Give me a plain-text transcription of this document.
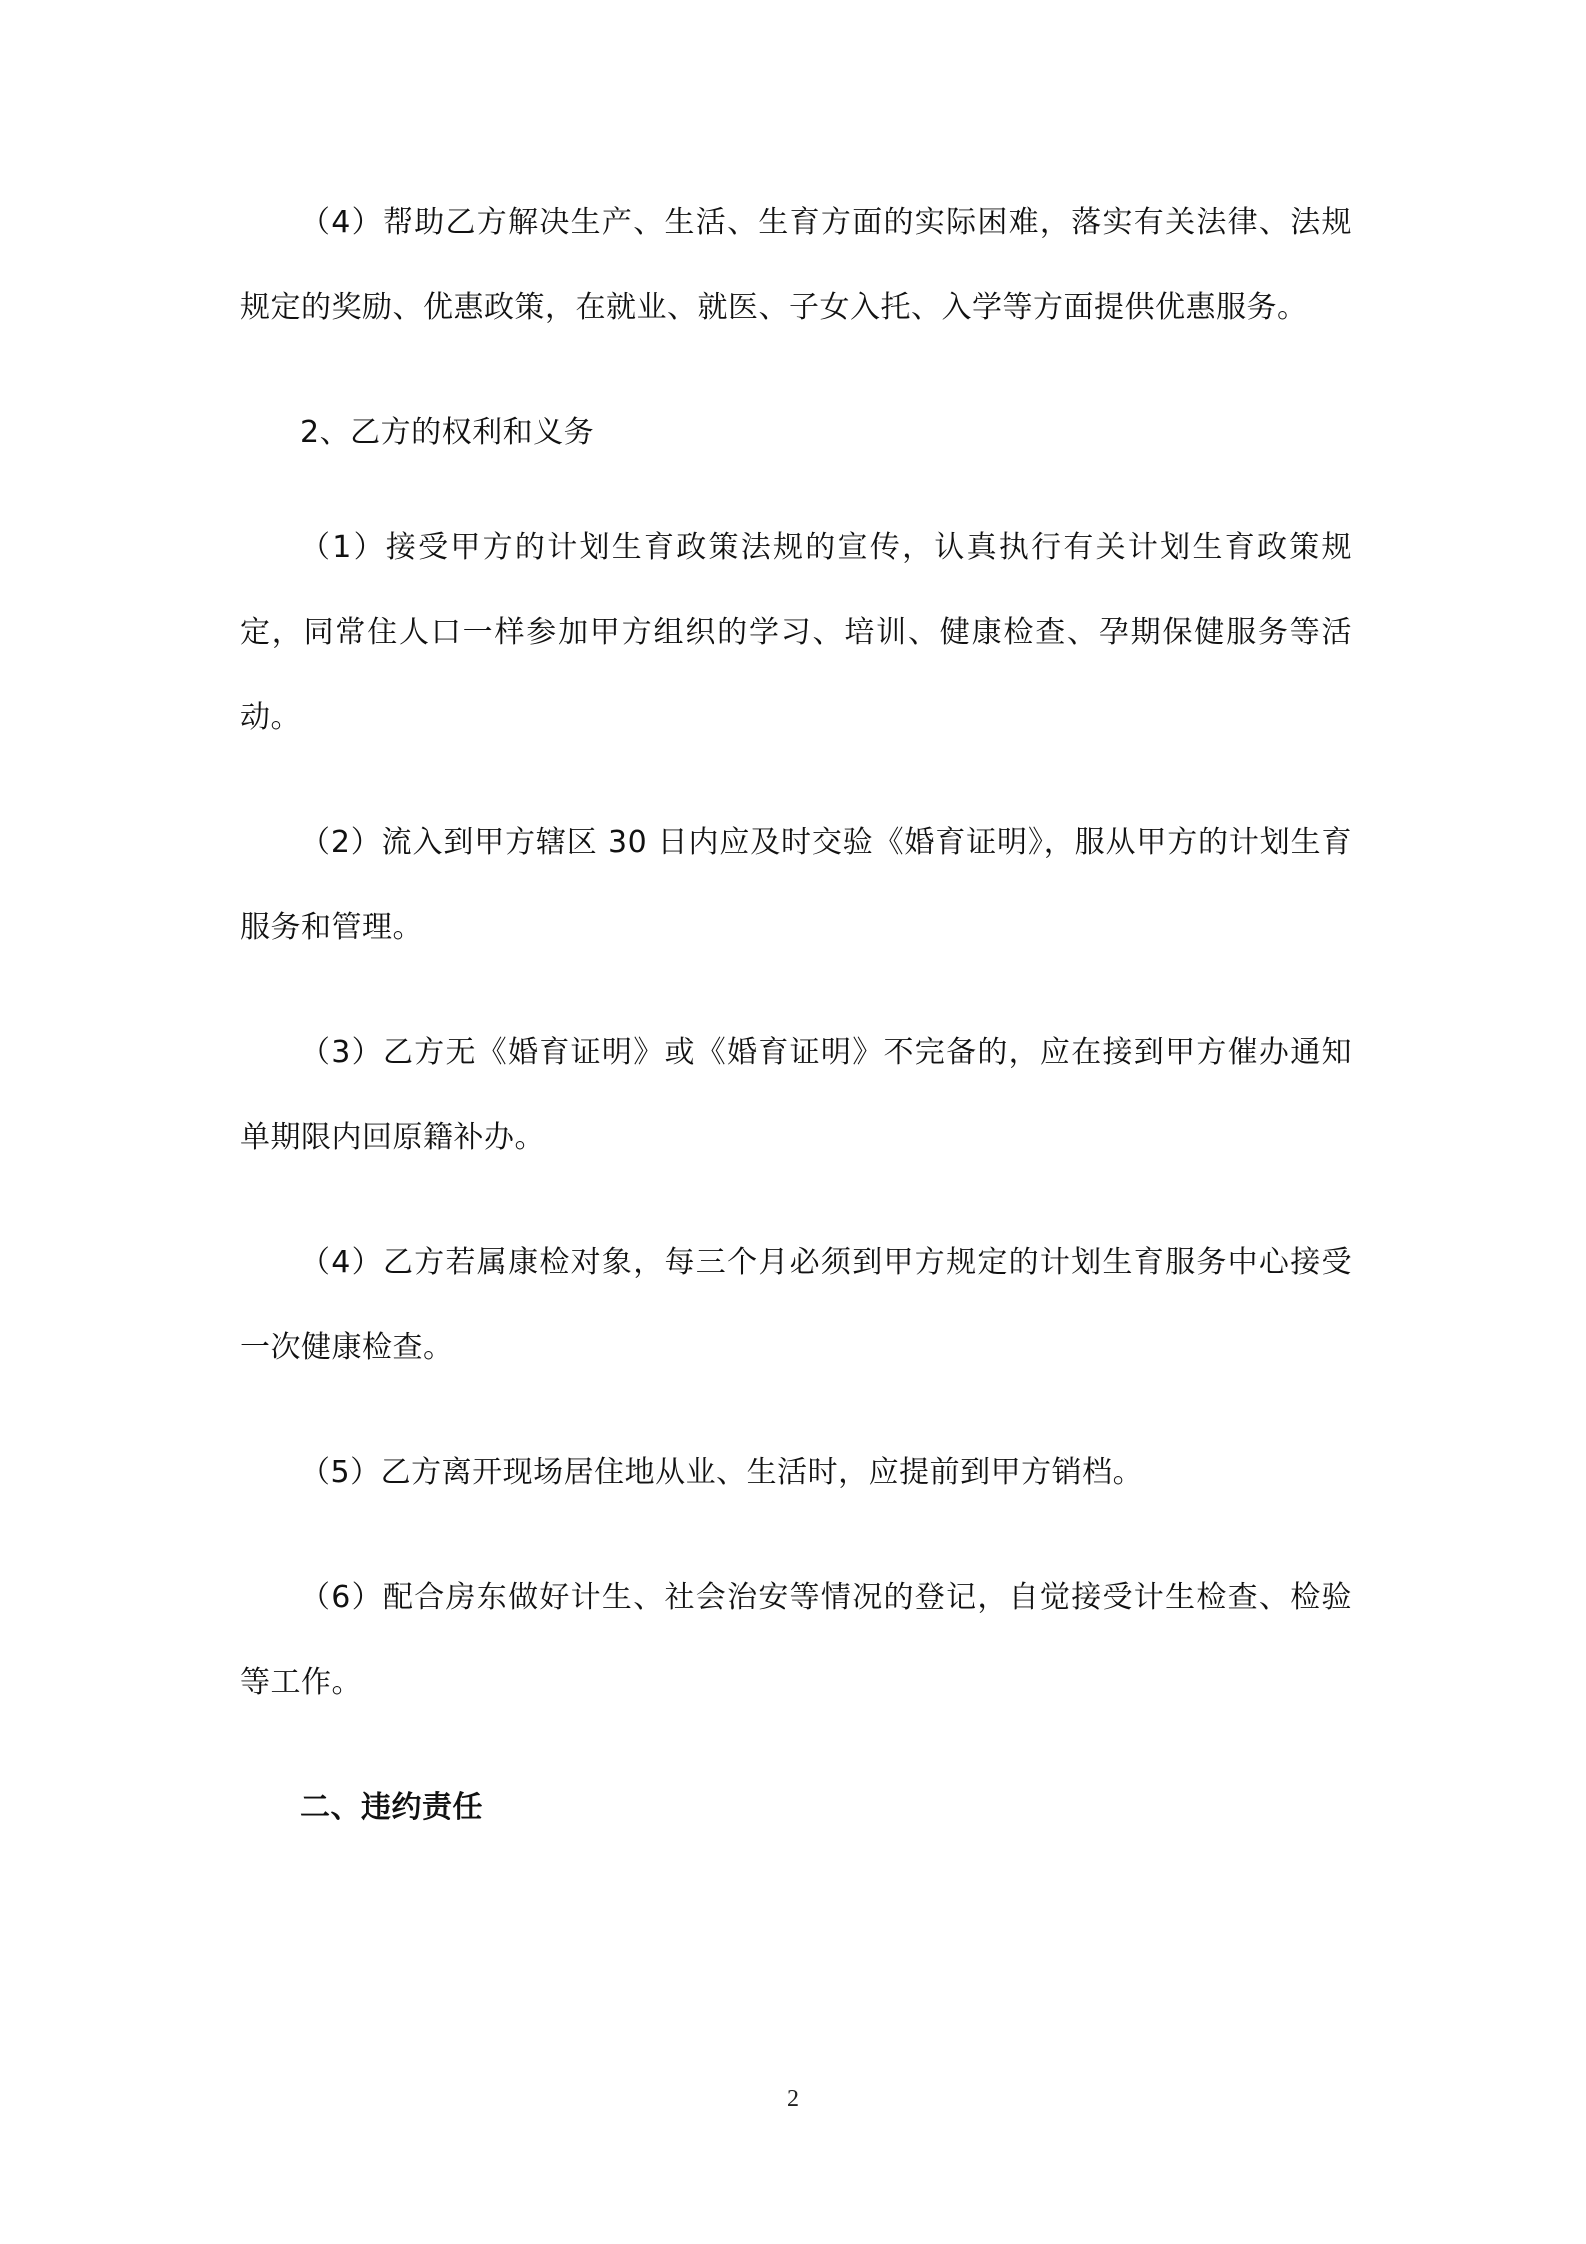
（4）帮助乙方解决生产、生活、生育方面的实际困难，落实有关法律、法规规定的奖励、优惠政策，在就业、就医、子女入托、入学等方面提供优惠服务。

2、乙方的权利和义务

（1）接受甲方的计划生育政策法规的宣传，认真执行有关计划生育政策规定，同常住人口一样参加甲方组织的学习、培训、健康检查、孕期保健服务等活动。

（2）流入到甲方辖区 30 日内应及时交验《婚育证明》，服从甲方的计划生育服务和管理。

（3）乙方无《婚育证明》或《婚育证明》不完备的，应在接到甲方催办通知单期限内回原籍补办。

（4）乙方若属康检对象，每三个月必须到甲方规定的计划生育服务中心接受一次健康检查。

（5）乙方离开现场居住地从业、生活时，应提前到甲方销档。

（6）配合房东做好计生、社会治安等情况的登记，自觉接受计生检查、检验等工作。

二、违约责任

2
